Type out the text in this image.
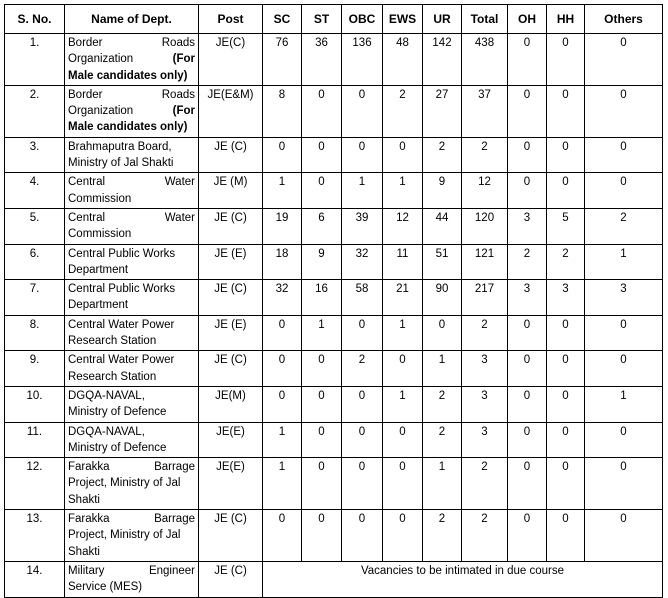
S. No.	Name of Dept.	Post	SC	ST	OBC	EWS	UR	Total	OH	HH	Others
1.	Border Roads
Organization (For
Male candidates only)	JE(C)	76	36	136	48	142	438	0	0	0
2.	Border Roads
Organization (For
Male candidates only)	JE(E&M)	8	0	0	2	27	37	0	0	0
3.	Brahmaputra Board,
Ministry of Jal Shakti	JE (C)	0	0	0	0	2	2	0	0	0
4.	Central Water
Commission	JE (M)	1	0	1	1	9	12	0	0	0
5.	Central Water
Commission	JE (C)	19	6	39	12	44	120	3	5	2
6.	Central Public Works
Department	JE (E)	18	9	32	11	51	121	2	2	1
7.	Central Public Works
Department	JE (C)	32	16	58	21	90	217	3	3	3
8.	Central Water Power
Research Station	JE (E)	0	1	0	1	0	2	0	0	0
9.	Central Water Power
Research Station	JE (C)	0	0	2	0	1	3	0	0	0
10.	DGQA-NAVAL,
Ministry of Defence	JE(M)	0	0	0	1	2	3	0	0	1
11.	DGQA-NAVAL,
Ministry of Defence	JE(E)	1	0	0	0	2	3	0	0	0
12.	Farakka Barrage
Project, Ministry of Jal
Shakti	JE(E)	1	0	0	0	1	2	0	0	0
13.	Farakka Barrage
Project, Ministry of Jal
Shakti	JE (C)	0	0	0	0	2	2	0	0	0
14.	Military Engineer
Service (MES)	JE (C)	Vacancies to be intimated in due course								
